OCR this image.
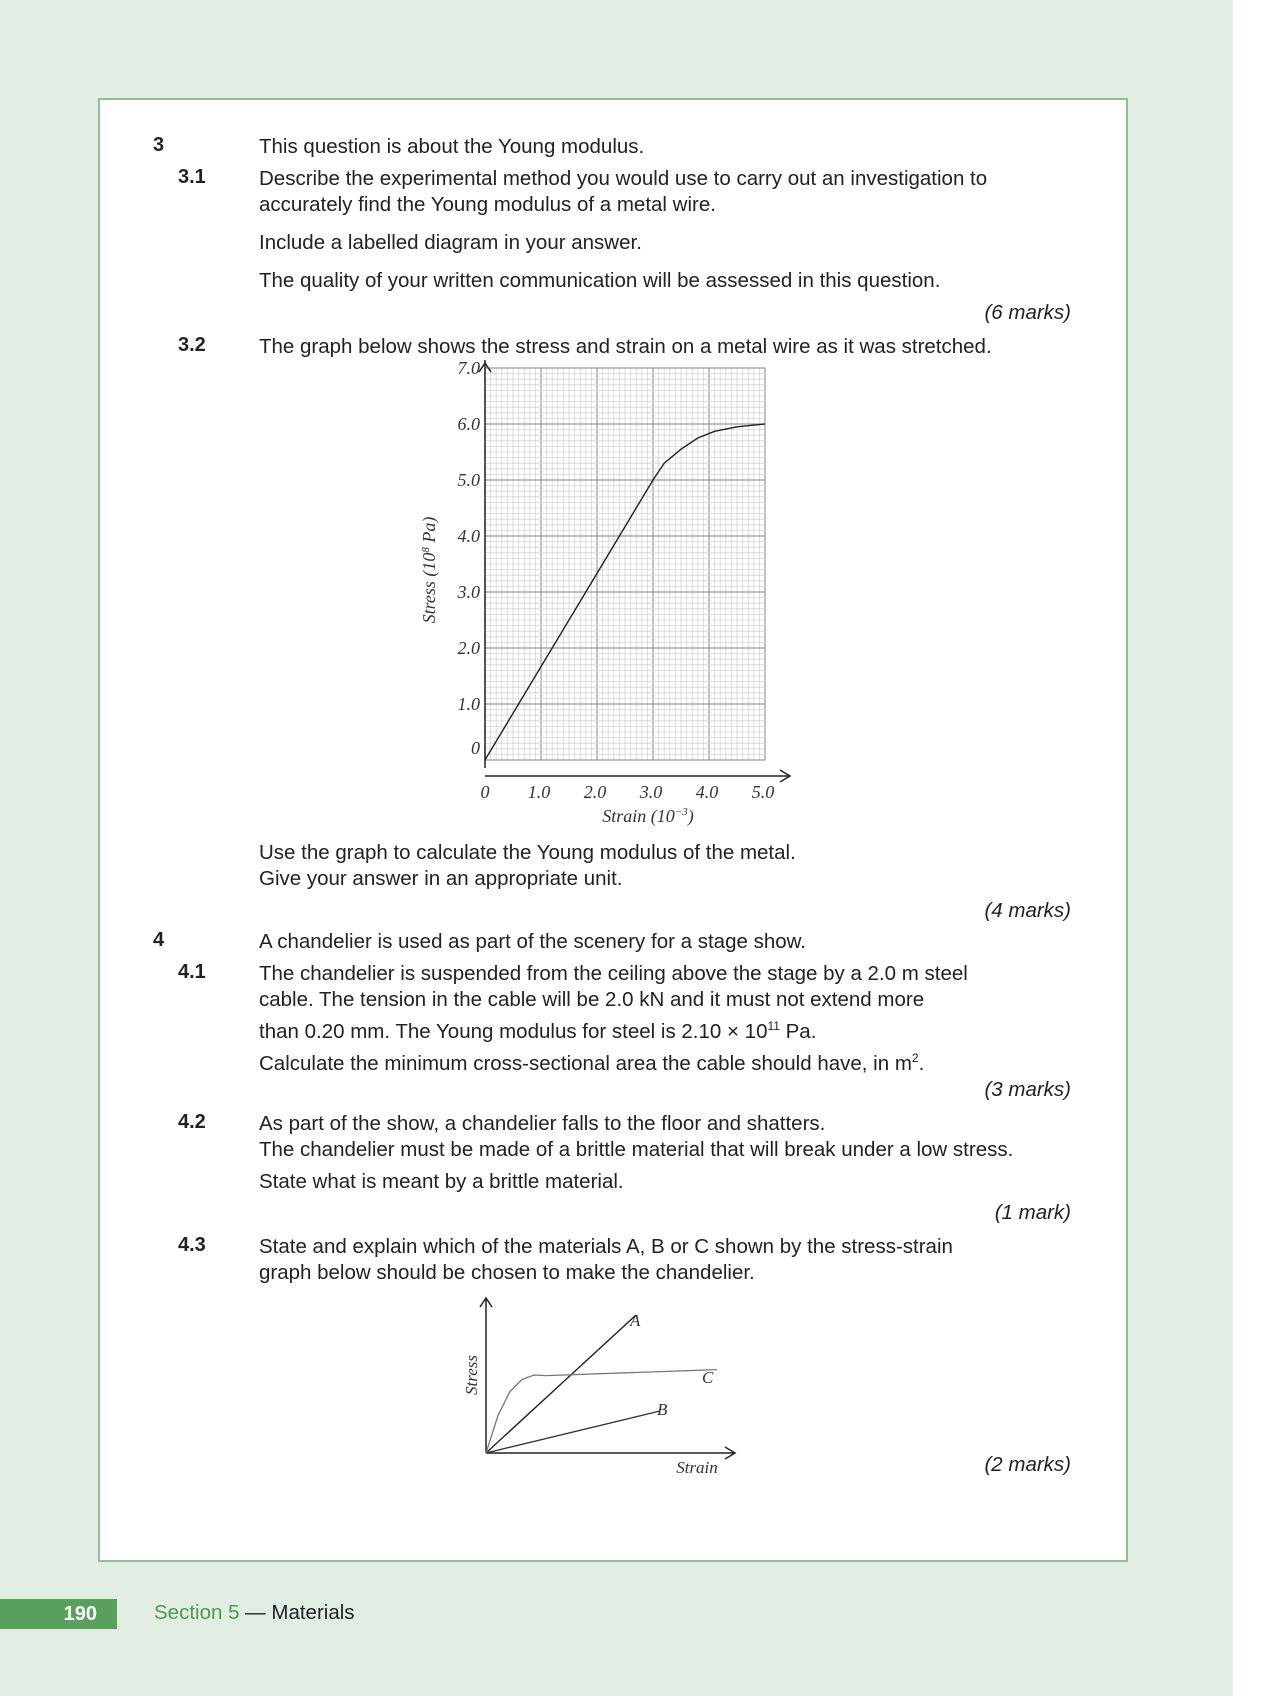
3	This question is about the Young modulus.
3.1	Describe the experimental method you would use to carry out an investigation to
accurately find the Young modulus of a metal wire.
Include a labelled diagram in your answer.
The quality of your written communication will be assessed in this question.
(6 marks)
3.2	The graph below shows the stress and strain on a metal wire as it was stretched.
Stress ($10^8$ Pa)
Strain $(10^{-3})$
0
1.0
2.0
3.0
4.0
5.0
6.0
7.0
0 1.0 2.0 3.0 4.0 5.0
Use the graph to calculate the Young modulus of the metal.
Give your answer in an appropriate unit.
(4 marks)
4	A chandelier is used as part of the scenery for a stage show.
4.1	The chandelier is suspended from the ceiling above the stage by a 2.0 m steel
cable. The tension in the cable will be 2.0 kN and it must not extend more
than 0.20 mm. The Young modulus for steel is $2.10 \times 10^{11}$ Pa.
Calculate the minimum cross-sectional area the cable should have, in $m^2$.
(3 marks)
4.2	As part of the show, a chandelier falls to the floor and shatters.
The chandelier must be made of a brittle material that will break under a low stress.
State what is meant by a brittle material.
(1 mark)
4.3	State and explain which of the materials A, B or C shown by the stress-strain
graph below should be chosen to make the chandelier.
A
B
C
Stress
Strain	(2 marks)
190	Section 5 — Materials
